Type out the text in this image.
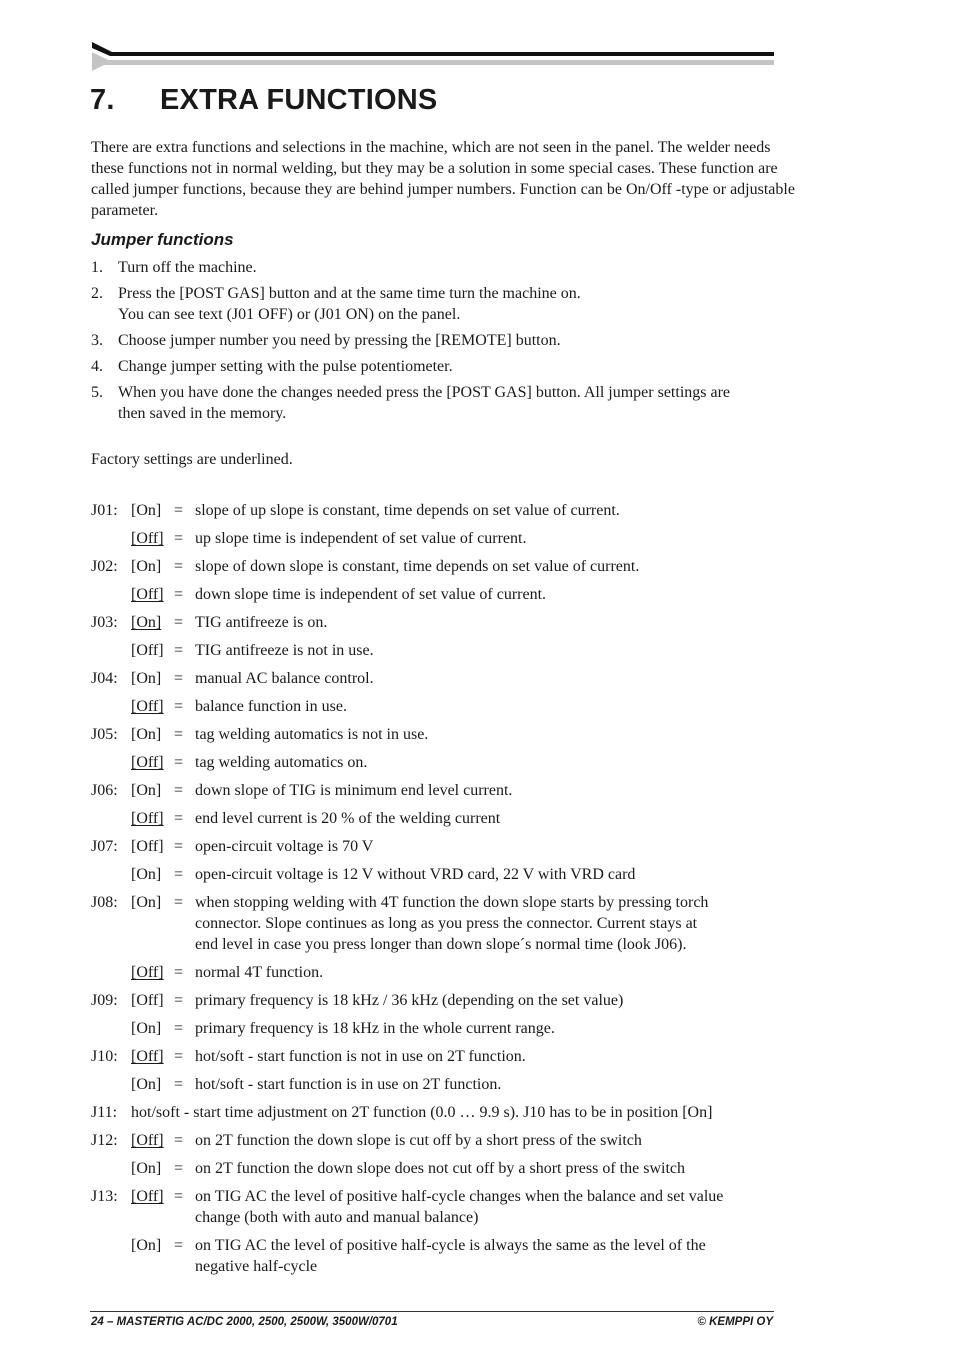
7. EXTRA FUNCTIONS

There are extra functions and selections in the machine, which are not seen in the panel. The welder needs these functions not in normal welding, but they may be a solution in some special cases. These function are called jumper functions, because they are behind jumper numbers. Function can be On/Off -type or adjustable parameter.

Jumper functions
1. Turn off the machine.
2. Press the [POST GAS] button and at the same time turn the machine on.
You can see text (J01 OFF) or (J01 ON) on the panel.
3. Choose jumper number you need by pressing the [REMOTE] button.
4. Change jumper setting with the pulse potentiometer.
5. When you have done the changes needed press the [POST GAS] button. All jumper settings are
then saved in the memory.

Factory settings are underlined.

J01: [On] = slope of up slope is constant, time depends on set value of current.
[Off] = up slope time is independent of set value of current.
J02: [On] = slope of down slope is constant, time depends on set value of current.
[Off] = down slope time is independent of set value of current.
J03: [On] = TIG antifreeze is on.
[Off] = TIG antifreeze is not in use.
J04: [On] = manual AC balance control.
[Off] = balance function in use.
J05: [On] = tag welding automatics is not in use.
[Off] = tag welding automatics on.
J06: [On] = down slope of TIG is minimum end level current.
[Off] = end level current is 20 % of the welding current
J07: [Off] = open-circuit voltage is 70 V
[On] = open-circuit voltage is 12 V without VRD card, 22 V with VRD card
J08: [On] = when stopping welding with 4T function the down slope starts by pressing torch
connector. Slope continues as long as you press the connector. Current stays at
end level in case you press longer than down slope´s normal time (look J06).
[Off] = normal 4T function.
J09: [Off] = primary frequency is 18 kHz / 36 kHz (depending on the set value)
[On] = primary frequency is 18 kHz in the whole current range.
J10: [Off] = hot/soft - start function is not in use on 2T function.
[On] = hot/soft - start function is in use on 2T function.
J11: hot/soft - start time adjustment on 2T function (0.0 … 9.9 s). J10 has to be in position [On]
J12: [Off] = on 2T function the down slope is cut off by a short press of the switch
[On] = on 2T function the down slope does not cut off by a short press of the switch
J13: [Off] = on TIG AC the level of positive half-cycle changes when the balance and set value
change (both with auto and manual balance)
[On] = on TIG AC the level of positive half-cycle is always the same as the level of the
negative half-cycle
24 – MASTERTIG AC/DC 2000, 2500, 2500W, 3500W/0701	© KEMPPI OY
